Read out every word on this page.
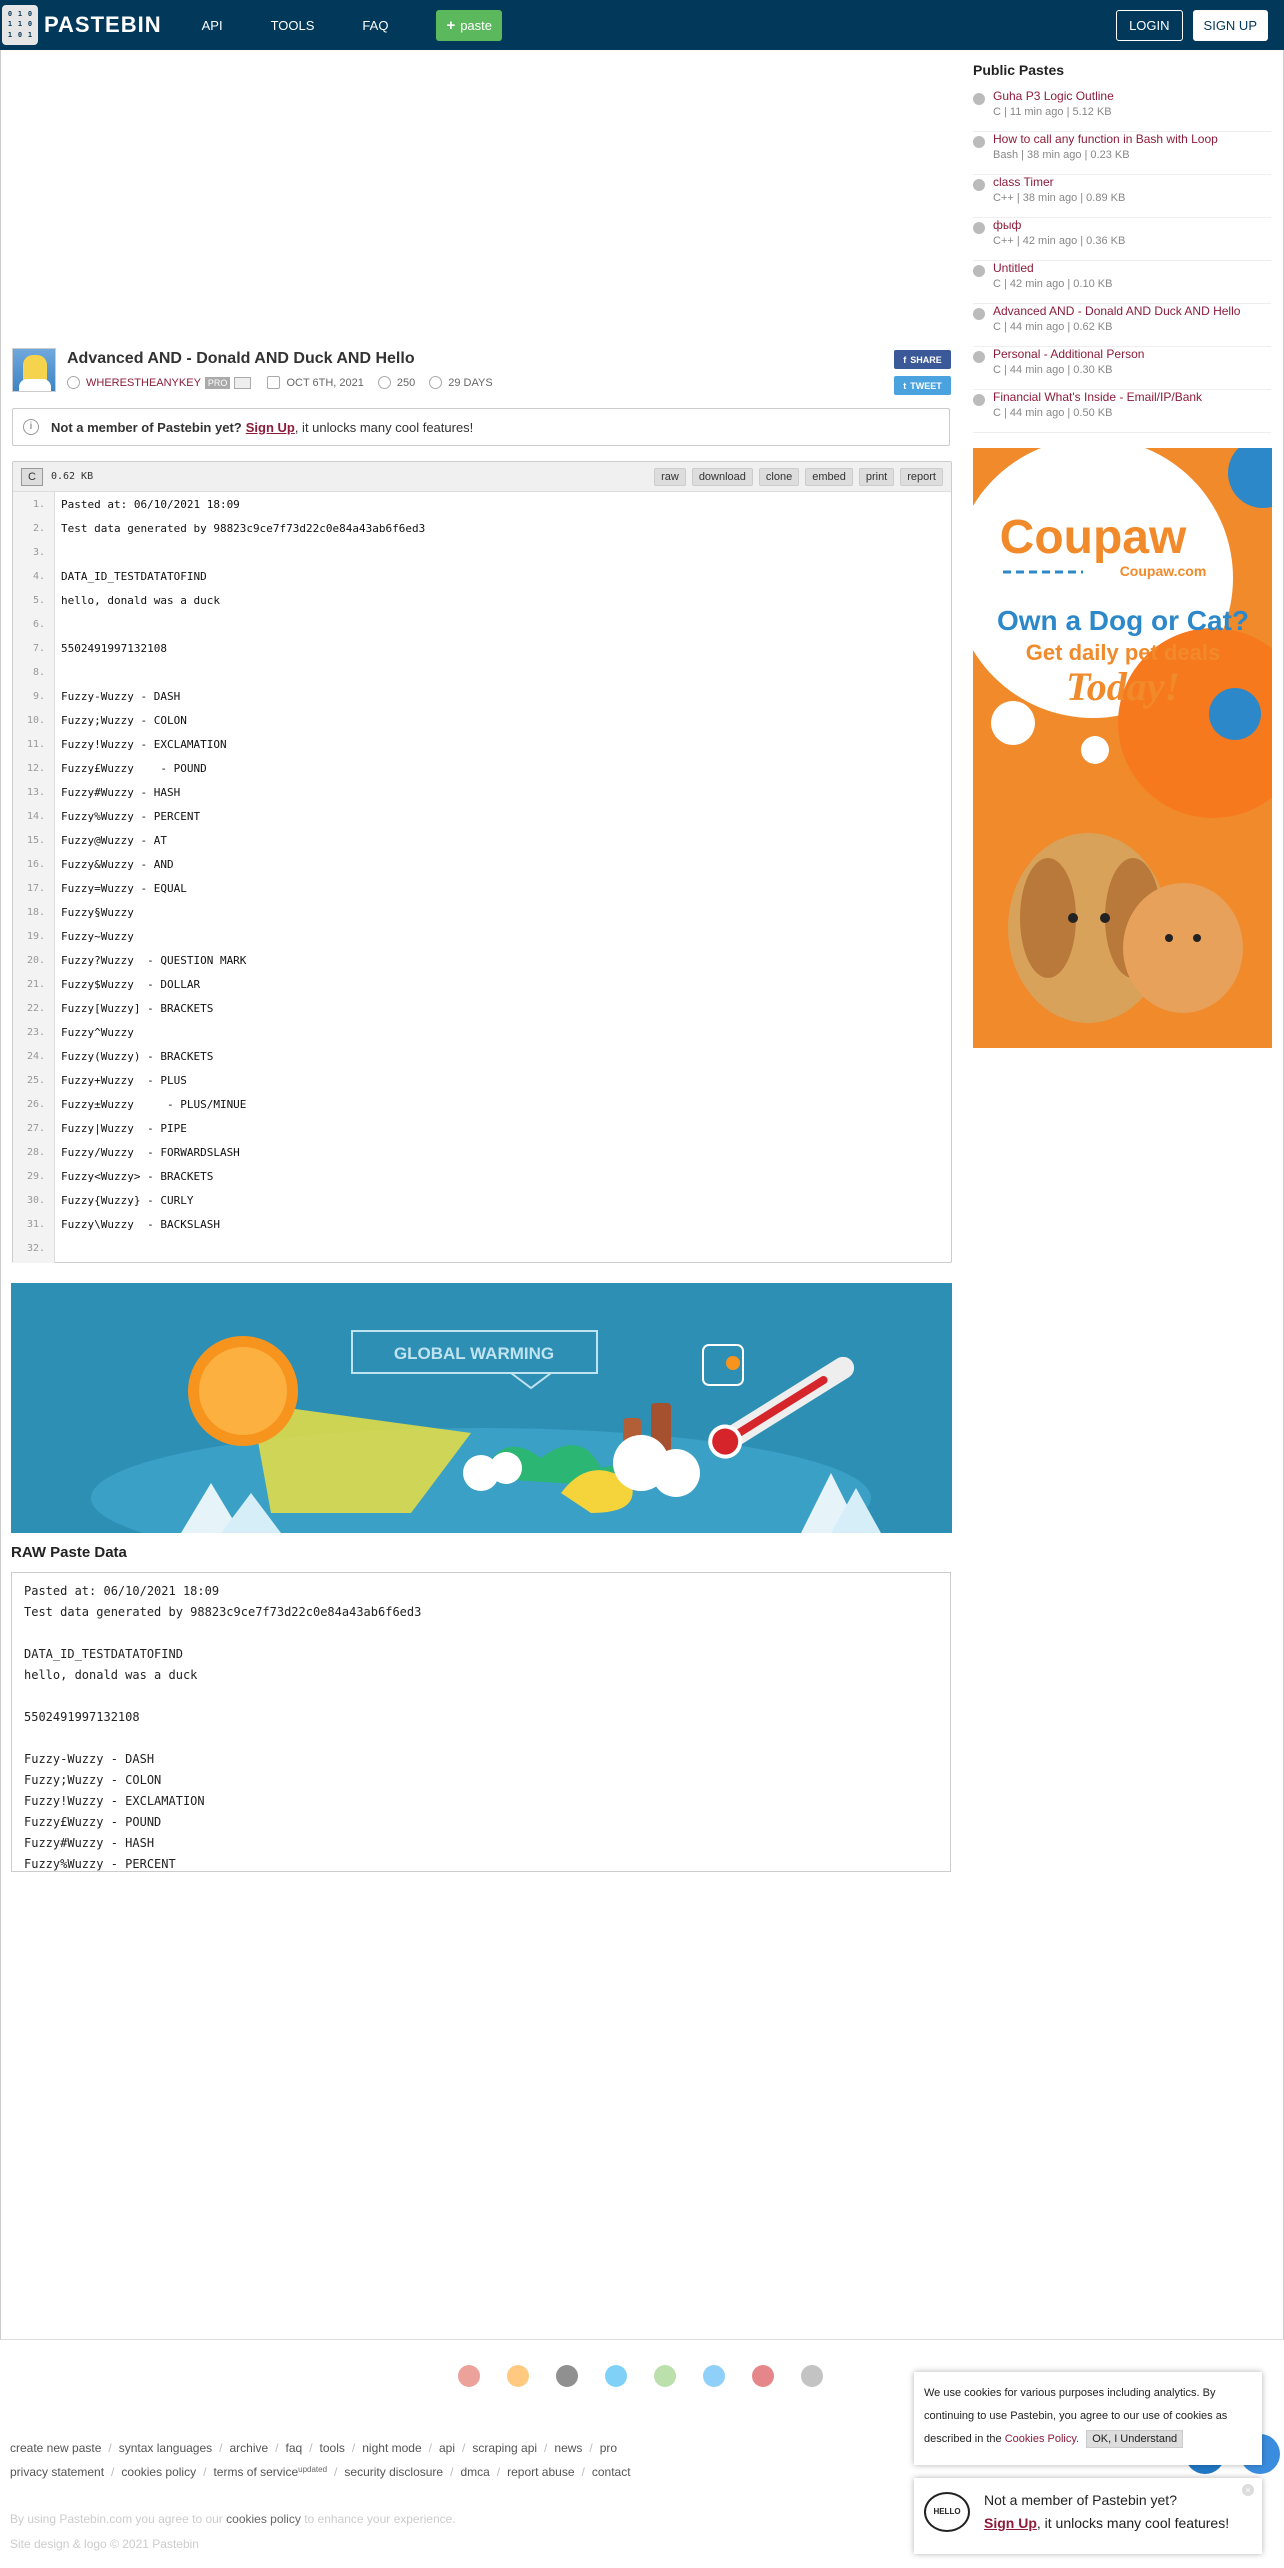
0 1 0
1 1 0
1 0 1 PASTEBIN	API	TOOLS	FAQ	+ paste	LOGIN	SIGN UP
Advanced AND - Donald AND Duck AND Hello
WHERESTHEANYKEY PRO	OCT 6TH, 2021	250	29 DAYS
f SHARE
t TWEET
i	Not a member of Pastebin yet? Sign Up , it unlocks many cool features!
C	0.62 KB	raw	download	clone	embed	print	report
1.	Pasted at: 06/10/2021 18:09
2.	Test data generated by 98823c9ce7f73d22c0e84a43ab6f6ed3
3.
4.	DATA_ID_TESTDATATOFIND
5.	hello, donald was a duck
6.
7.	5502491997132108
8.
9.	Fuzzy-Wuzzy - DASH
10.	Fuzzy;Wuzzy - COLON
11.	Fuzzy!Wuzzy - EXCLAMATION
12.	Fuzzy£Wuzzy    - POUND
13.	Fuzzy#Wuzzy - HASH
14.	Fuzzy%Wuzzy - PERCENT
15.	Fuzzy@Wuzzy - AT
16.	Fuzzy&Wuzzy - AND
17.	Fuzzy=Wuzzy - EQUAL
18.	Fuzzy§Wuzzy
19.	Fuzzy~Wuzzy
20.	Fuzzy?Wuzzy  - QUESTION MARK
21.	Fuzzy$Wuzzy  - DOLLAR
22.	Fuzzy[Wuzzy] - BRACKETS
23.	Fuzzy^Wuzzy
24.	Fuzzy(Wuzzy) - BRACKETS
25.	Fuzzy+Wuzzy  - PLUS
26.	Fuzzy±Wuzzy     - PLUS/MINUE
27.	Fuzzy|Wuzzy  - PIPE
28.	Fuzzy/Wuzzy  - FORWARDSLASH
29.	Fuzzy<Wuzzy> - BRACKETS
30.	Fuzzy{Wuzzy} - CURLY
31.	Fuzzy\Wuzzy  - BACKSLASH
32.
GLOBAL WARMING
RAW Paste Data
Pasted at: 06/10/2021 18:09
Test data generated by 98823c9ce7f73d22c0e84a43ab6f6ed3
DATA_ID_TESTDATATOFIND
hello, donald was a duck
5502491997132108
Fuzzy-Wuzzy - DASH
Fuzzy;Wuzzy - COLON
Fuzzy!Wuzzy - EXCLAMATION
Fuzzy£Wuzzy - POUND
Fuzzy#Wuzzy - HASH
Fuzzy%Wuzzy - PERCENT
Public Pastes
Guha P3 Logic Outline
C | 11 min ago | 5.12 KB
How to call any function in Bash with Loop
Bash | 38 min ago | 0.23 KB
class Timer
C++ | 38 min ago | 0.89 KB
фыф
C++ | 42 min ago | 0.36 KB
Untitled
C | 42 min ago | 0.10 KB
Advanced AND - Donald AND Duck AND Hello
C | 44 min ago | 0.62 KB
Personal - Additional Person
C | 44 min ago | 0.30 KB
Financial What's Inside - Email/IP/Bank
C | 44 min ago | 0.50 KB
Coupaw
Coupaw.com
Own a Dog or Cat?
Get daily pet deals
Today!
create new paste / syntax languages / archive / faq / tools / night mode / api / scraping api / news / pro
privacy statement / cookies policy / terms of service updated / security disclosure / dmca / report abuse / contact
By using Pastebin.com you agree to our cookies policy to enhance your experience.
Site design & logo © 2021 Pastebin
We use cookies for various purposes including analytics. By continuing to use Pastebin, you agree to our use of cookies as described in the Cookies Policy. OK, I Understand
HELLO
Not a member of Pastebin yet?
Sign Up, it unlocks many cool features!
×
